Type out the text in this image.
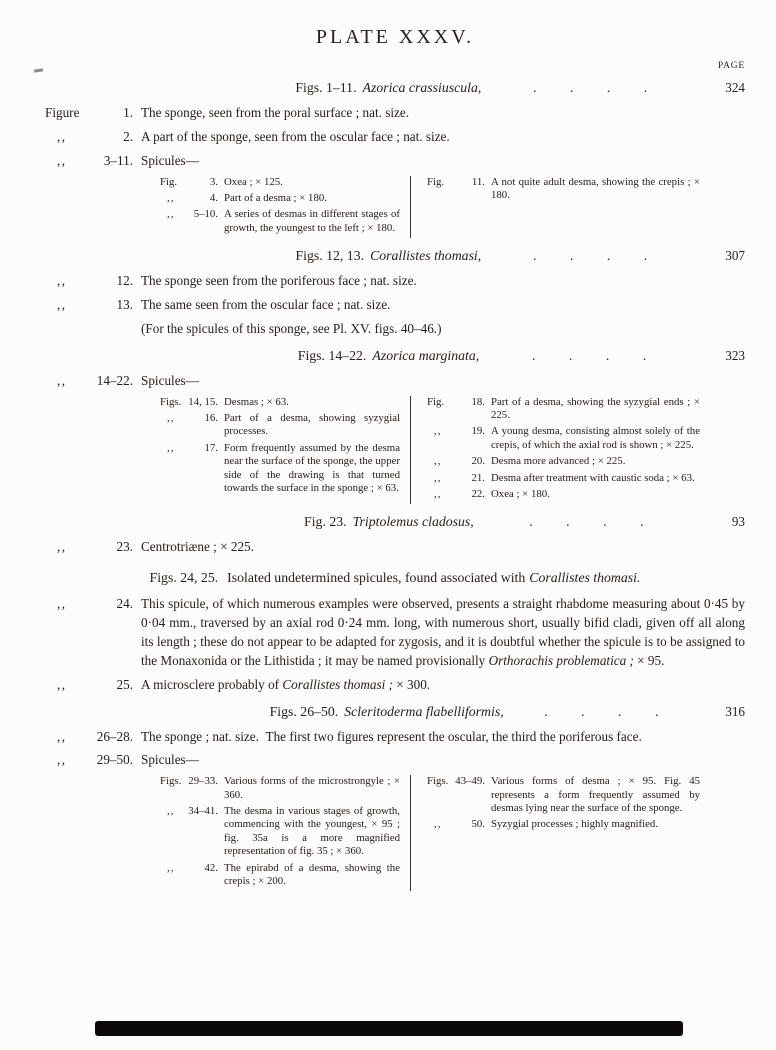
PLATE XXXV.
PAGE
Figs. 1–11. Azorica crassiuscula,	. . . .	324
Figure	1. The sponge, seen from the poral surface ; nat. size.
,,	2. A part of the sponge, seen from the oscular face ; nat. size.
,,	3–11. Spicules—
Fig.	3. Oxea ; × 125.
,,	4. Part of a desma ; × 180.
,,	5–10. A series of desmas in different stages of growth, the youngest to the left ; × 180.
Fig.	11. A not quite adult desma, showing the crepis ; × 180.
Figs. 12, 13. Corallistes thomasi,	. . . .	307
,,	12. The sponge seen from the poriferous face ; nat. size.
,,	13. The same seen from the oscular face ; nat. size.
(For the spicules of this sponge, see Pl. XV. figs. 40–46.)
Figs. 14–22. Azorica marginata,	. . . .	323
,,	14–22. Spicules—
Figs. 14, 15. Desmas ; × 63.
,,	16. Part of a desma, showing syzygial processes.
,,	17. Form frequently assumed by the desma near the surface of the sponge, the upper side of the drawing is that turned towards the surface in the sponge ; × 63.
Fig.	18. Part of a desma, showing the syzygial ends ; × 225.
,,	19. A young desma, consisting almost solely of the crepis, of which the axial rod is shown ; × 225.
,,	20. Desma more advanced ; × 225.
,,	21. Desma after treatment with caustic soda ; × 63.
,,	22. Oxea ; × 180.
Fig. 23. Triptolemus cladosus,	. . . .	93
,,	23. Centrotriæne ; × 225.
Figs. 24, 25. Isolated undetermined spicules, found associated with Corallistes thomasi.
,,	24. This spicule, of which numerous examples were observed, presents a straight rhabdome measuring about 0·45 by 0·04 mm., traversed by an axial rod 0·24 mm. long, with numerous short, usually bifid cladi, given off all along its length ; these do not appear to be adapted for zygosis, and it is doubtful whether the spicule is to be assigned to the Monaxonida or the Lithistida ; it may be named provisionally Orthorachis problematica ; × 95.
,,	25. A microsclere probably of Corallistes thomasi ; × 300.
Figs. 26–50. Scleritoderma flabelliformis,	. . . .	316
,,	26–28. The sponge ; nat. size. The first two figures represent the oscular, the third the poriferous face.
,,	29–50. Spicules—
Figs. 29–33. Various forms of the microstrongyle ; × 360.
,,	34–41. The desma in various stages of growth, commencing with the youngest, × 95 ; fig. 35a is a more magnified representation of fig. 35 ; × 360.
,,	42. The epirabd of a desma, showing the crepis ; × 200.
Figs. 43–49. Various forms of desma ; × 95. Fig. 45 represents a form frequently assumed by desmas lying near the surface of the sponge.
,,	50. Syzygial processes ; highly magnified.
